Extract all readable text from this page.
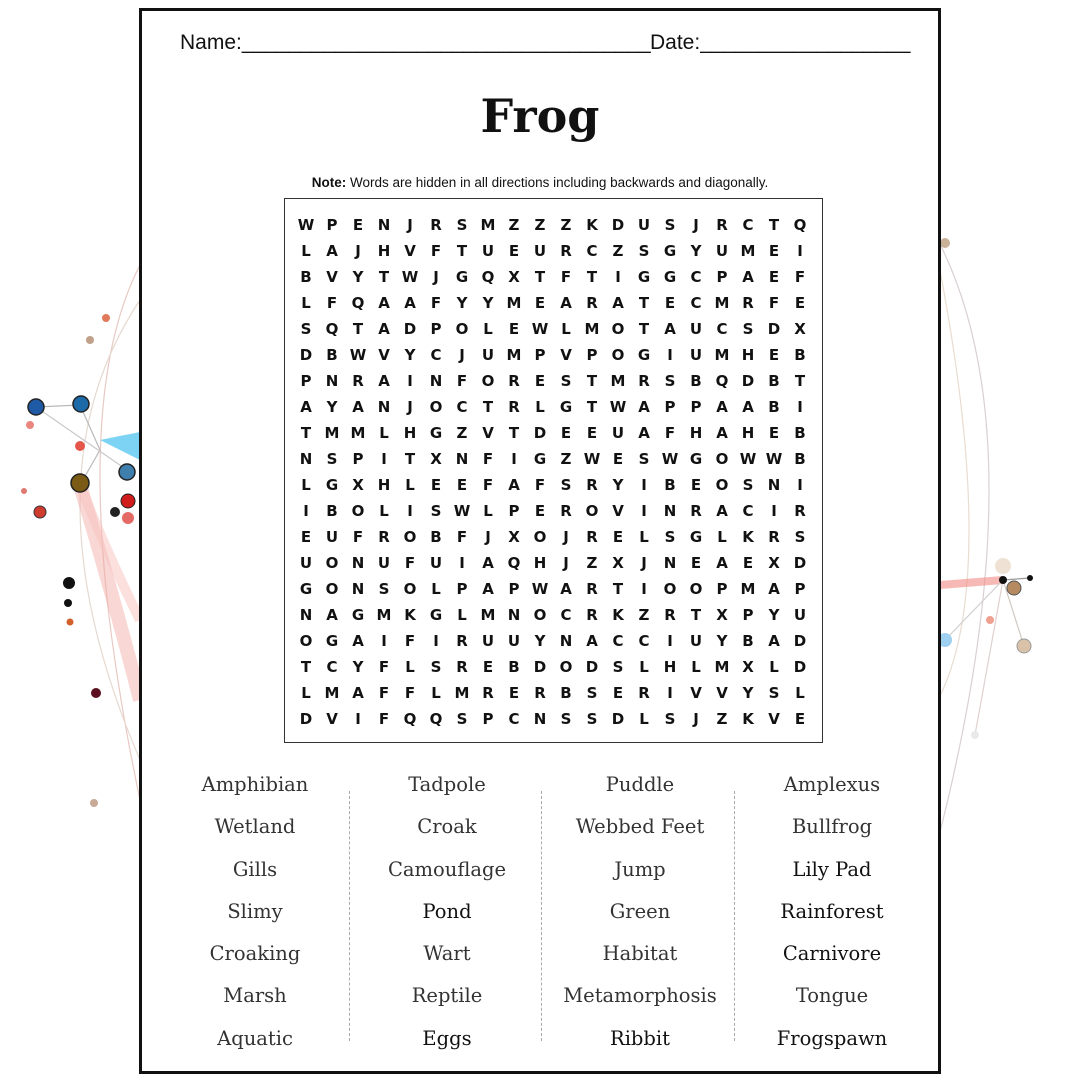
Name:___________________________________ Date:__________________
Frog
Note: Words are hidden in all directions including backwards and diagonally.
W P	E N	J	R S M Z	Z	Z K D U S	J	R C	T Q
L	A	J	H V	F	T U E U R C	Z	S G Y U M E	I
B V Y	T W J	G Q X	T	F	T	I	G G C	P A	E	F
L	F Q A A	F	Y	Y M E	A R A	T	E	C M R	F	E
S Q T	A D P O L	E W L M O T	A U C	S D X
D B W V Y	C	J	U M P V P O G	I	U M H E	B
P N R A	I	N F O R	E	S	T M R S B Q D B	T
A Y A N	J	O C	T	R	L	G T W A P	P A A B	I
T M M L H G Z V	T D E	E U A	F H A H E	B
N S	P	I	T	X N F	I	G Z W E	S W G O W W B
L	G X H L	E	E	F	A	F	S R Y	I	B	E O S N	I
I	B O L	I	S W L	P	E	R O V	I	N R A C	I	R
E U F	R O B	F	J	X O	J	R	E	L	S G	L	K R S
U O N U F U	I	A Q H	J	Z X	J	N E	A	E	X D
G O N S O L	P A P W A R	T	I	O O P M A P
N A G M K G	L M N O C R K Z R	T	X P	Y U
O G A	I	F	I	R U U Y N A C C	I	U Y B A D
T	C	Y	F	L	S R	E	B D O D S	L H L M X	L D
L M A	F	F	L M R	E	R B S	E	R	I	V V Y	S	L
D V	I	F Q Q S	P C N S	S D	L	S	J	Z K V	E
Amphibian
Wetland
Gills
Slimy
Croaking
Marsh
Aquatic
Tadpole
Croak
Camouflage
Pond
Wart
Reptile
Eggs
Puddle
Webbed Feet
Jump
Green
Habitat
Metamorphosis
Ribbit
Amplexus
Bullfrog
Lily Pad
Rainforest
Carnivore
Tongue
Frogspawn
